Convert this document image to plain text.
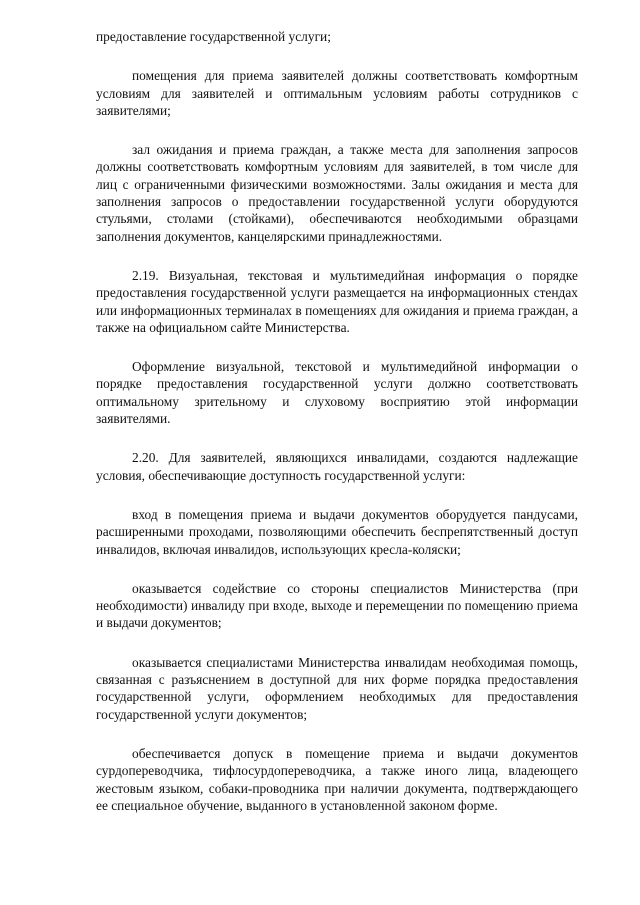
предоставление государственной услуги;

помещения для приема заявителей должны соответствовать комфортным условиям для заявителей и оптимальным условиям работы сотрудников с заявителями;

зал ожидания и приема граждан, а также места для заполнения запросов должны соответствовать комфортным условиям для заявителей, в том числе для лиц с ограниченными физическими возможностями. Залы ожидания и места для заполнения запросов о предоставлении государственной услуги оборудуются стульями, столами (стойками), обеспечиваются необходимыми образцами заполнения документов, канцелярскими принадлежностями.

2.19. Визуальная, текстовая и мультимедийная информация о порядке предоставления государственной услуги размещается на информационных стендах или информационных терминалах в помещениях для ожидания и приема граждан, а также на официальном сайте Министерства.

Оформление визуальной, текстовой и мультимедийной информации о порядке предоставления государственной услуги должно соответствовать оптимальному зрительному и слуховому восприятию этой информации заявителями.

2.20. Для заявителей, являющихся инвалидами, создаются надлежащие условия, обеспечивающие доступность государственной услуги:

вход в помещения приема и выдачи документов оборудуется пандусами, расширенными проходами, позволяющими обеспечить беспрепятственный доступ инвалидов, включая инвалидов, использующих кресла-коляски;

оказывается содействие со стороны специалистов Министерства (при необходимости) инвалиду при входе, выходе и перемещении по помещению приема и выдачи документов;

оказывается специалистами Министерства инвалидам необходимая помощь, связанная с разъяснением в доступной для них форме порядка предоставления государственной услуги, оформлением необходимых для предоставления государственной услуги документов;

обеспечивается допуск в помещение приема и выдачи документов сурдопереводчика, тифлосурдопереводчика, а также иного лица, владеющего жестовым языком, собаки-проводника при наличии документа, подтверждающего ее специальное обучение, выданного в установленной законом форме.
